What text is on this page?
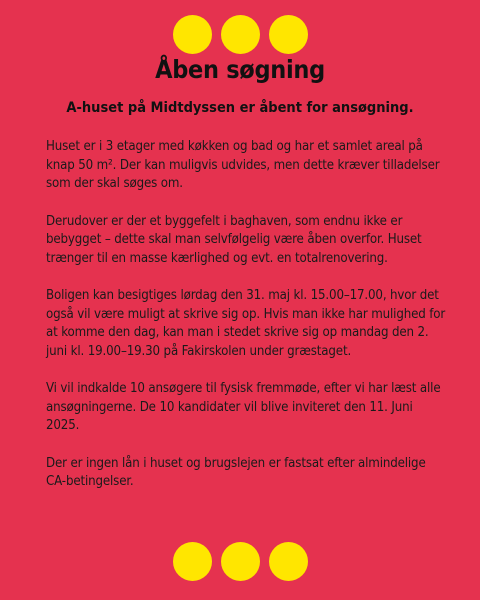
Åben søgning
A-huset på Midtdyssen er åbent for ansøgning.

Huset er i 3 etager med køkken og bad og har et samlet areal på knap 50 m². Der kan muligvis udvides, men dette kræver tilladelser som der skal søges om.

Derudover er der et byggefelt i baghaven, som endnu ikke er bebygget – dette skal man selvfølgelig være åben overfor. Huset trænger til en masse kærlighed og evt. en totalrenovering.

Boligen kan besigtiges lørdag den 31. maj kl. 15.00–17.00, hvor det også vil være muligt at skrive sig op. Hvis man ikke har mulighed for at komme den dag, kan man i stedet skrive sig op mandag den 2. juni kl. 19.00–19.30 på Fakirskolen under græstaget.

Vi vil indkalde 10 ansøgere til fysisk fremmøde, efter vi har læst alle ansøgningerne. De 10 kandidater vil blive inviteret den 11. Juni 2025.

Der er ingen lån i huset og brugslejen er fastsat efter almindelige CA-betingelser.
